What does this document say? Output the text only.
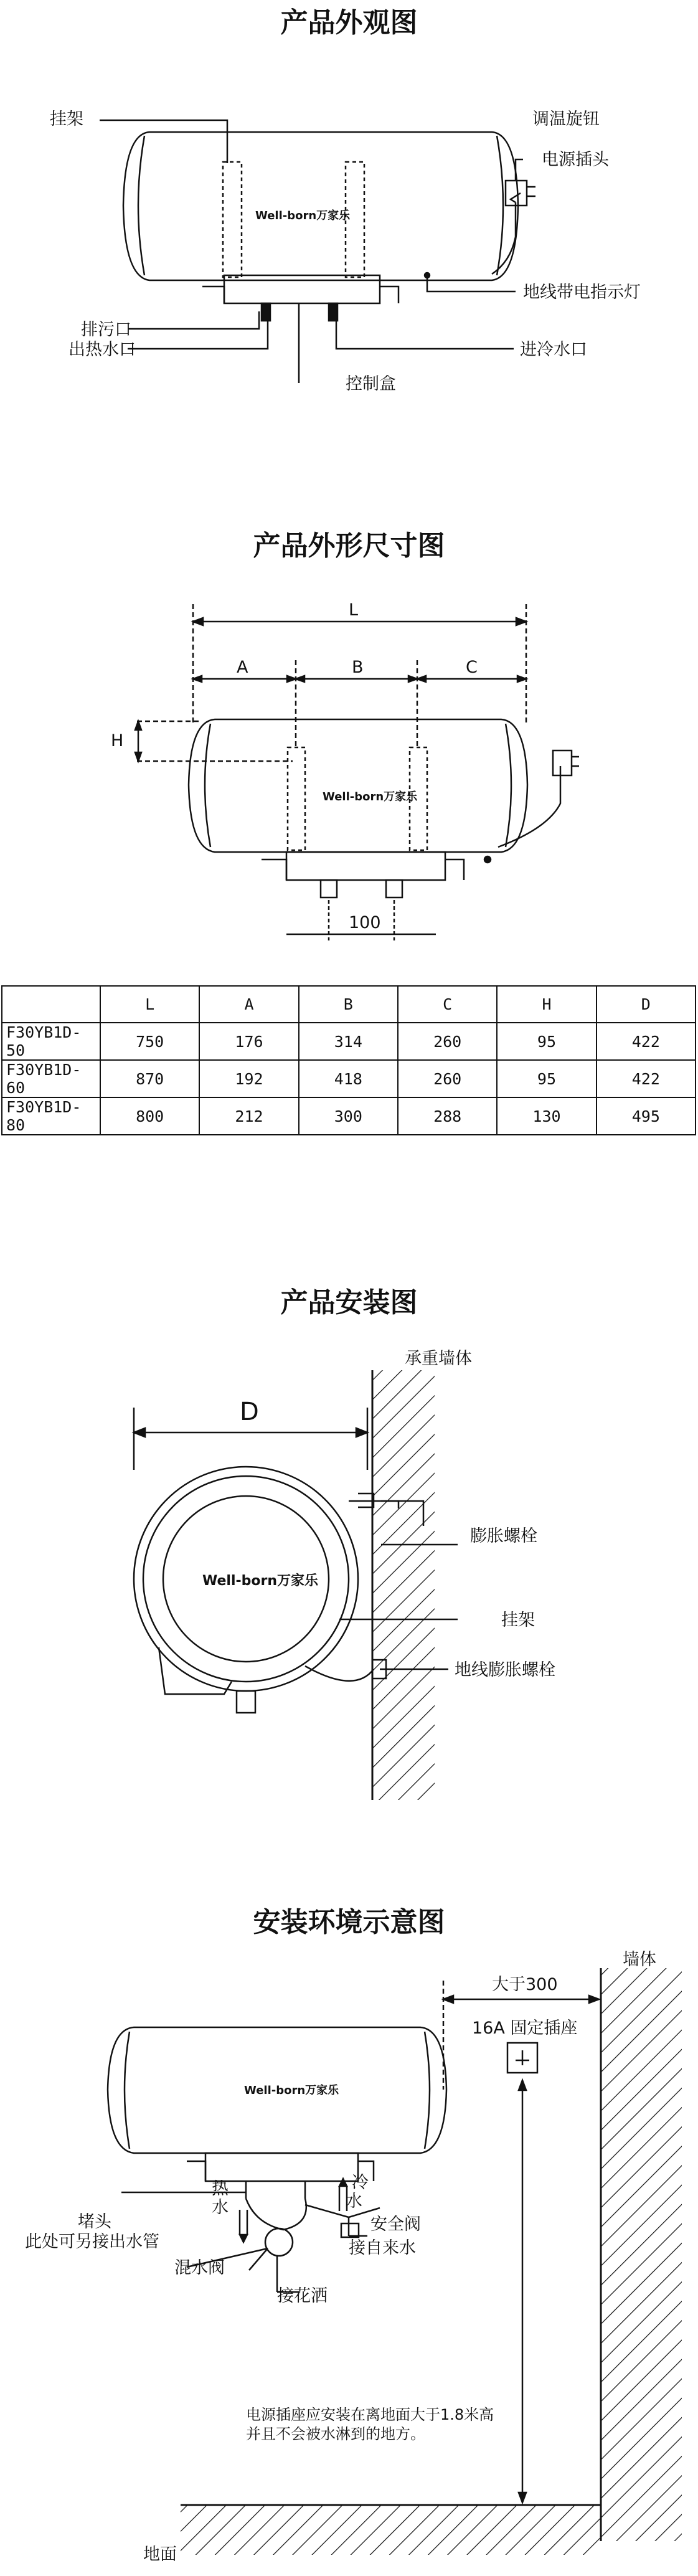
产品外观图
Well-born万家乐
挂架	调温旋钮
电源插头
地线带电指示灯
排污口
出热水口	进冷水口
控制盒
产品外形尺寸图
Well-born万家乐
L
A	B	C
H
100
	L	A	B	C	H	D
F30YB1D-50	750	176	314	260	95	422
F30YB1D-60	870	192	418	260	95	422
F30YB1D-80	800	212	300	288	130	495
产品安装图
Well-born万家乐
D
承重墙体
膨胀螺栓
挂架
地线膨胀螺栓
安装环境示意图
Well-born万家乐
墙体
大于300
16A 固定插座
热
水
冷
水
堵头
此处可另接出水管
安全阀
接自来水
混水阀
接花洒
电源插座应安装在离地面大于1.8米高
并且不会被水淋到的地方。
地面
